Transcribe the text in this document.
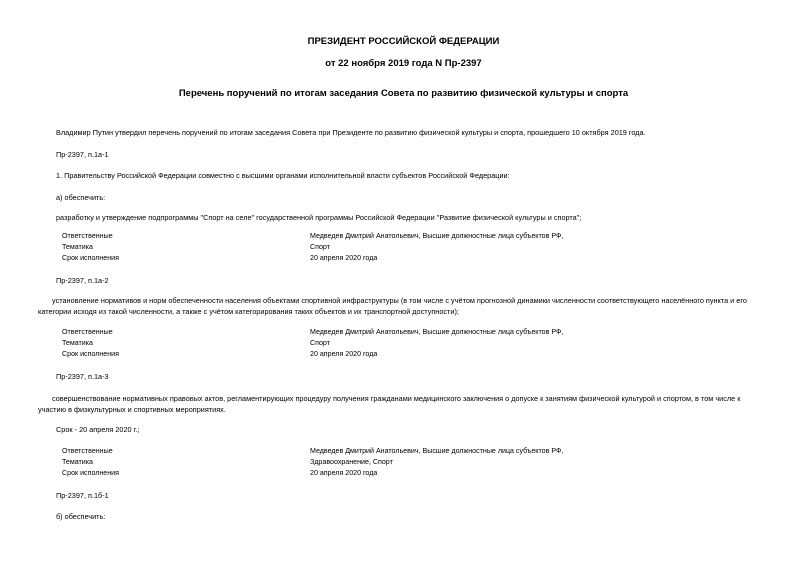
ПРЕЗИДЕНТ РОССИЙСКОЙ ФЕДЕРАЦИИ
от 22 ноября 2019 года N Пр-2397
Перечень поручений по итогам заседания Совета по развитию физической культуры и спорта
Владимир Путин утвердил перечень поручений по итогам заседания Совета при Президенте по развитию физической культуры и спорта, прошедшего 10 октября 2019 года.
Пр-2397, п.1а-1
1. Правительству Российской Федерации совместно с высшими органами исполнительной власти субъектов Российской Федерации:
а) обеспечить:
разработку и утверждение подпрограммы "Спорт на селе" государственной программы Российской Федерации "Развитие физической культуры и спорта";
Ответственные	Медведев Дмитрий Анатольевич, Высшие должностные лица субъектов РФ,
Тематика	Спорт
Срок исполнения	20 апреля 2020 года
Пр-2397, п.1а-2
установление нормативов и норм обеспеченности населения объектами спортивной инфраструктуры (в том числе с учётом прогнозной динамики численности соответствующего населённого пункта и его категории исходя из такой численности, а также с учётом категорирования таких объектов и их транспортной доступности);
Ответственные	Медведев Дмитрий Анатольевич, Высшие должностные лица субъектов РФ,
Тематика	Спорт
Срок исполнения	20 апреля 2020 года
Пр-2397, п.1а-3
совершенствование нормативных правовых актов, регламентирующих процедуру получения гражданами медицинского заключения о допуске к занятиям физической культурой и спортом, в том числе к участию в физкультурных и спортивных мероприятиях.
Срок - 20 апреля 2020 г.;
Ответственные	Медведев Дмитрий Анатольевич, Высшие должностные лица субъектов РФ,
Тематика	Здравоохранение, Спорт
Срок исполнения	20 апреля 2020 года
Пр-2397, п.1б-1
б) обеспечить:
